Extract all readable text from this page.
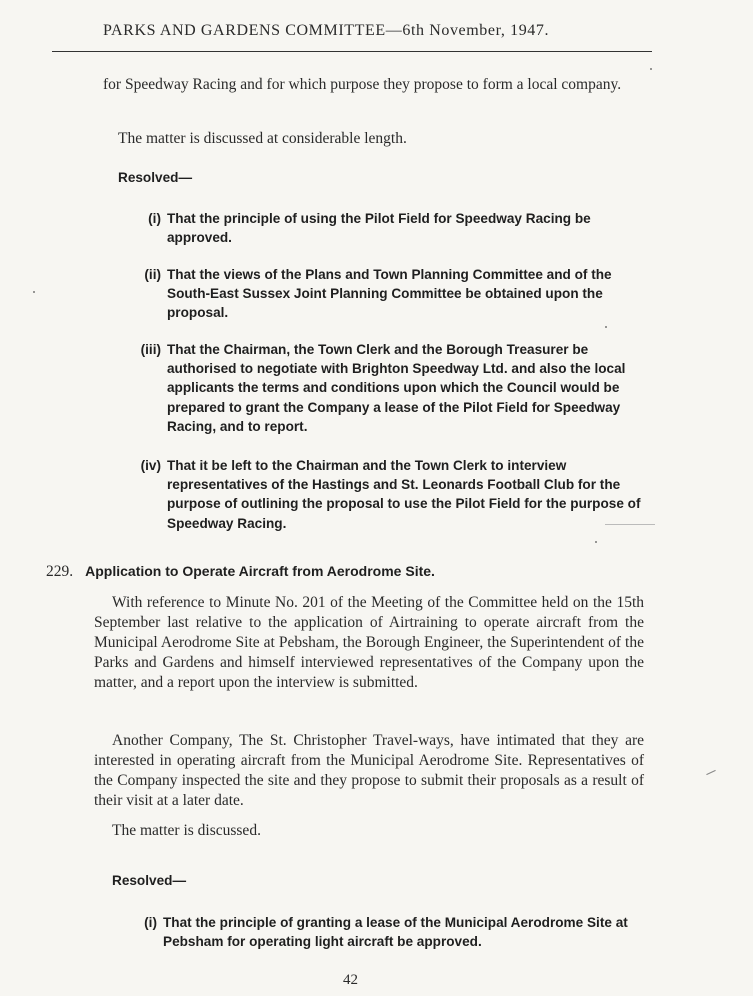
PARKS AND GARDENS COMMITTEE—6th November, 1947.
for Speedway Racing and for which purpose they propose to form a local company.
The matter is discussed at considerable length.
Resolved—
(i) That the principle of using the Pilot Field for Speedway Racing be approved.
(ii) That the views of the Plans and Town Planning Committee and of the South-East Sussex Joint Planning Committee be obtained upon the proposal.
(iii) That the Chairman, the Town Clerk and the Borough Treasurer be authorised to negotiate with Brighton Speedway Ltd. and also the local applicants the terms and conditions upon which the Council would be prepared to grant the Company a lease of the Pilot Field for Speedway Racing, and to report.
(iv) That it be left to the Chairman and the Town Clerk to interview representatives of the Hastings and St. Leonards Football Club for the purpose of outlining the proposal to use the Pilot Field for the purpose of Speedway Racing.
229. Application to Operate Aircraft from Aerodrome Site.
With reference to Minute No. 201 of the Meeting of the Committee held on the 15th September last relative to the application of Airtraining to operate aircraft from the Municipal Aerodrome Site at Pebsham, the Borough Engineer, the Superintendent of the Parks and Gardens and himself interviewed representatives of the Company upon the matter, and a report upon the interview is submitted.
Another Company, The St. Christopher Travel-ways, have intimated that they are interested in operating aircraft from the Municipal Aerodrome Site. Representatives of the Company inspected the site and they propose to submit their proposals as a result of their visit at a later date.
The matter is discussed.
Resolved—
(i) That the principle of granting a lease of the Municipal Aerodrome Site at Pebsham for operating light aircraft be approved.
42
